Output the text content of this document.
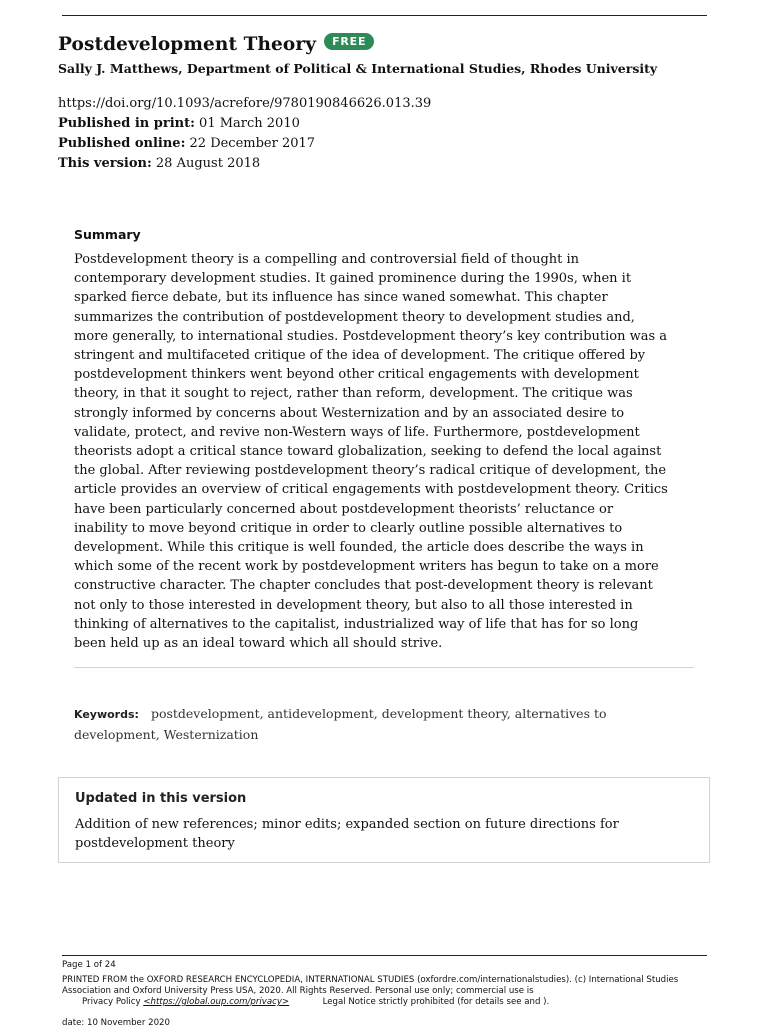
Postdevelopment Theory	FREE
Sally J. Matthews, Department of Political & International Studies, Rhodes University
https://doi.org/10.1093/acrefore/9780190846626.013.39
Published in print: 01 March 2010
Published online: 22 December 2017
This version: 28 August 2018
Summary
Postdevelopment theory is a compelling and controversial field of thought in
contemporary development studies. It gained prominence during the 1990s, when it
sparked fierce debate, but its influence has since waned somewhat. This chapter
summarizes the contribution of postdevelopment theory to development studies and,
more generally, to international studies. Postdevelopment theory’s key contribution was a
stringent and multifaceted critique of the idea of development. The critique offered by
postdevelopment thinkers went beyond other critical engagements with development
theory, in that it sought to reject, rather than reform, development. The critique was
strongly informed by concerns about Westernization and by an associated desire to
validate, protect, and revive non-Western ways of life. Furthermore, postdevelopment
theorists adopt a critical stance toward globalization, seeking to defend the local against
the global. After reviewing postdevelopment theory’s radical critique of development, the
article provides an overview of critical engagements with postdevelopment theory. Critics
have been particularly concerned about postdevelopment theorists’ reluctance or
inability to move beyond critique in order to clearly outline possible alternatives to
development. While this critique is well founded, the article does describe the ways in
which some of the recent work by postdevelopment writers has begun to take on a more
constructive character. The chapter concludes that post-development theory is relevant
not only to those interested in development theory, but also to all those interested in
thinking of alternatives to the capitalist, industrialized way of life that has for so long
been held up as an ideal toward which all should strive.
Keywords: postdevelopment, antidevelopment, development theory, alternatives to development, Westernization
Updated in this version
Addition of new references; minor edits; expanded section on future directions for postdevelopment theory
Page 1 of 24
PRINTED FROM the OXFORD RESEARCH ENCYCLOPEDIA, INTERNATIONAL STUDIES (oxfordre.com/internationalstudies). (c) International Studies Association and Oxford University Press USA, 2020. All Rights Reserved. Personal use only; commercial use is
Privacy Policy <https://global.oup.com/privacy>	Legal Notice strictly prohibited (for details see and ).
date: 10 November 2020
